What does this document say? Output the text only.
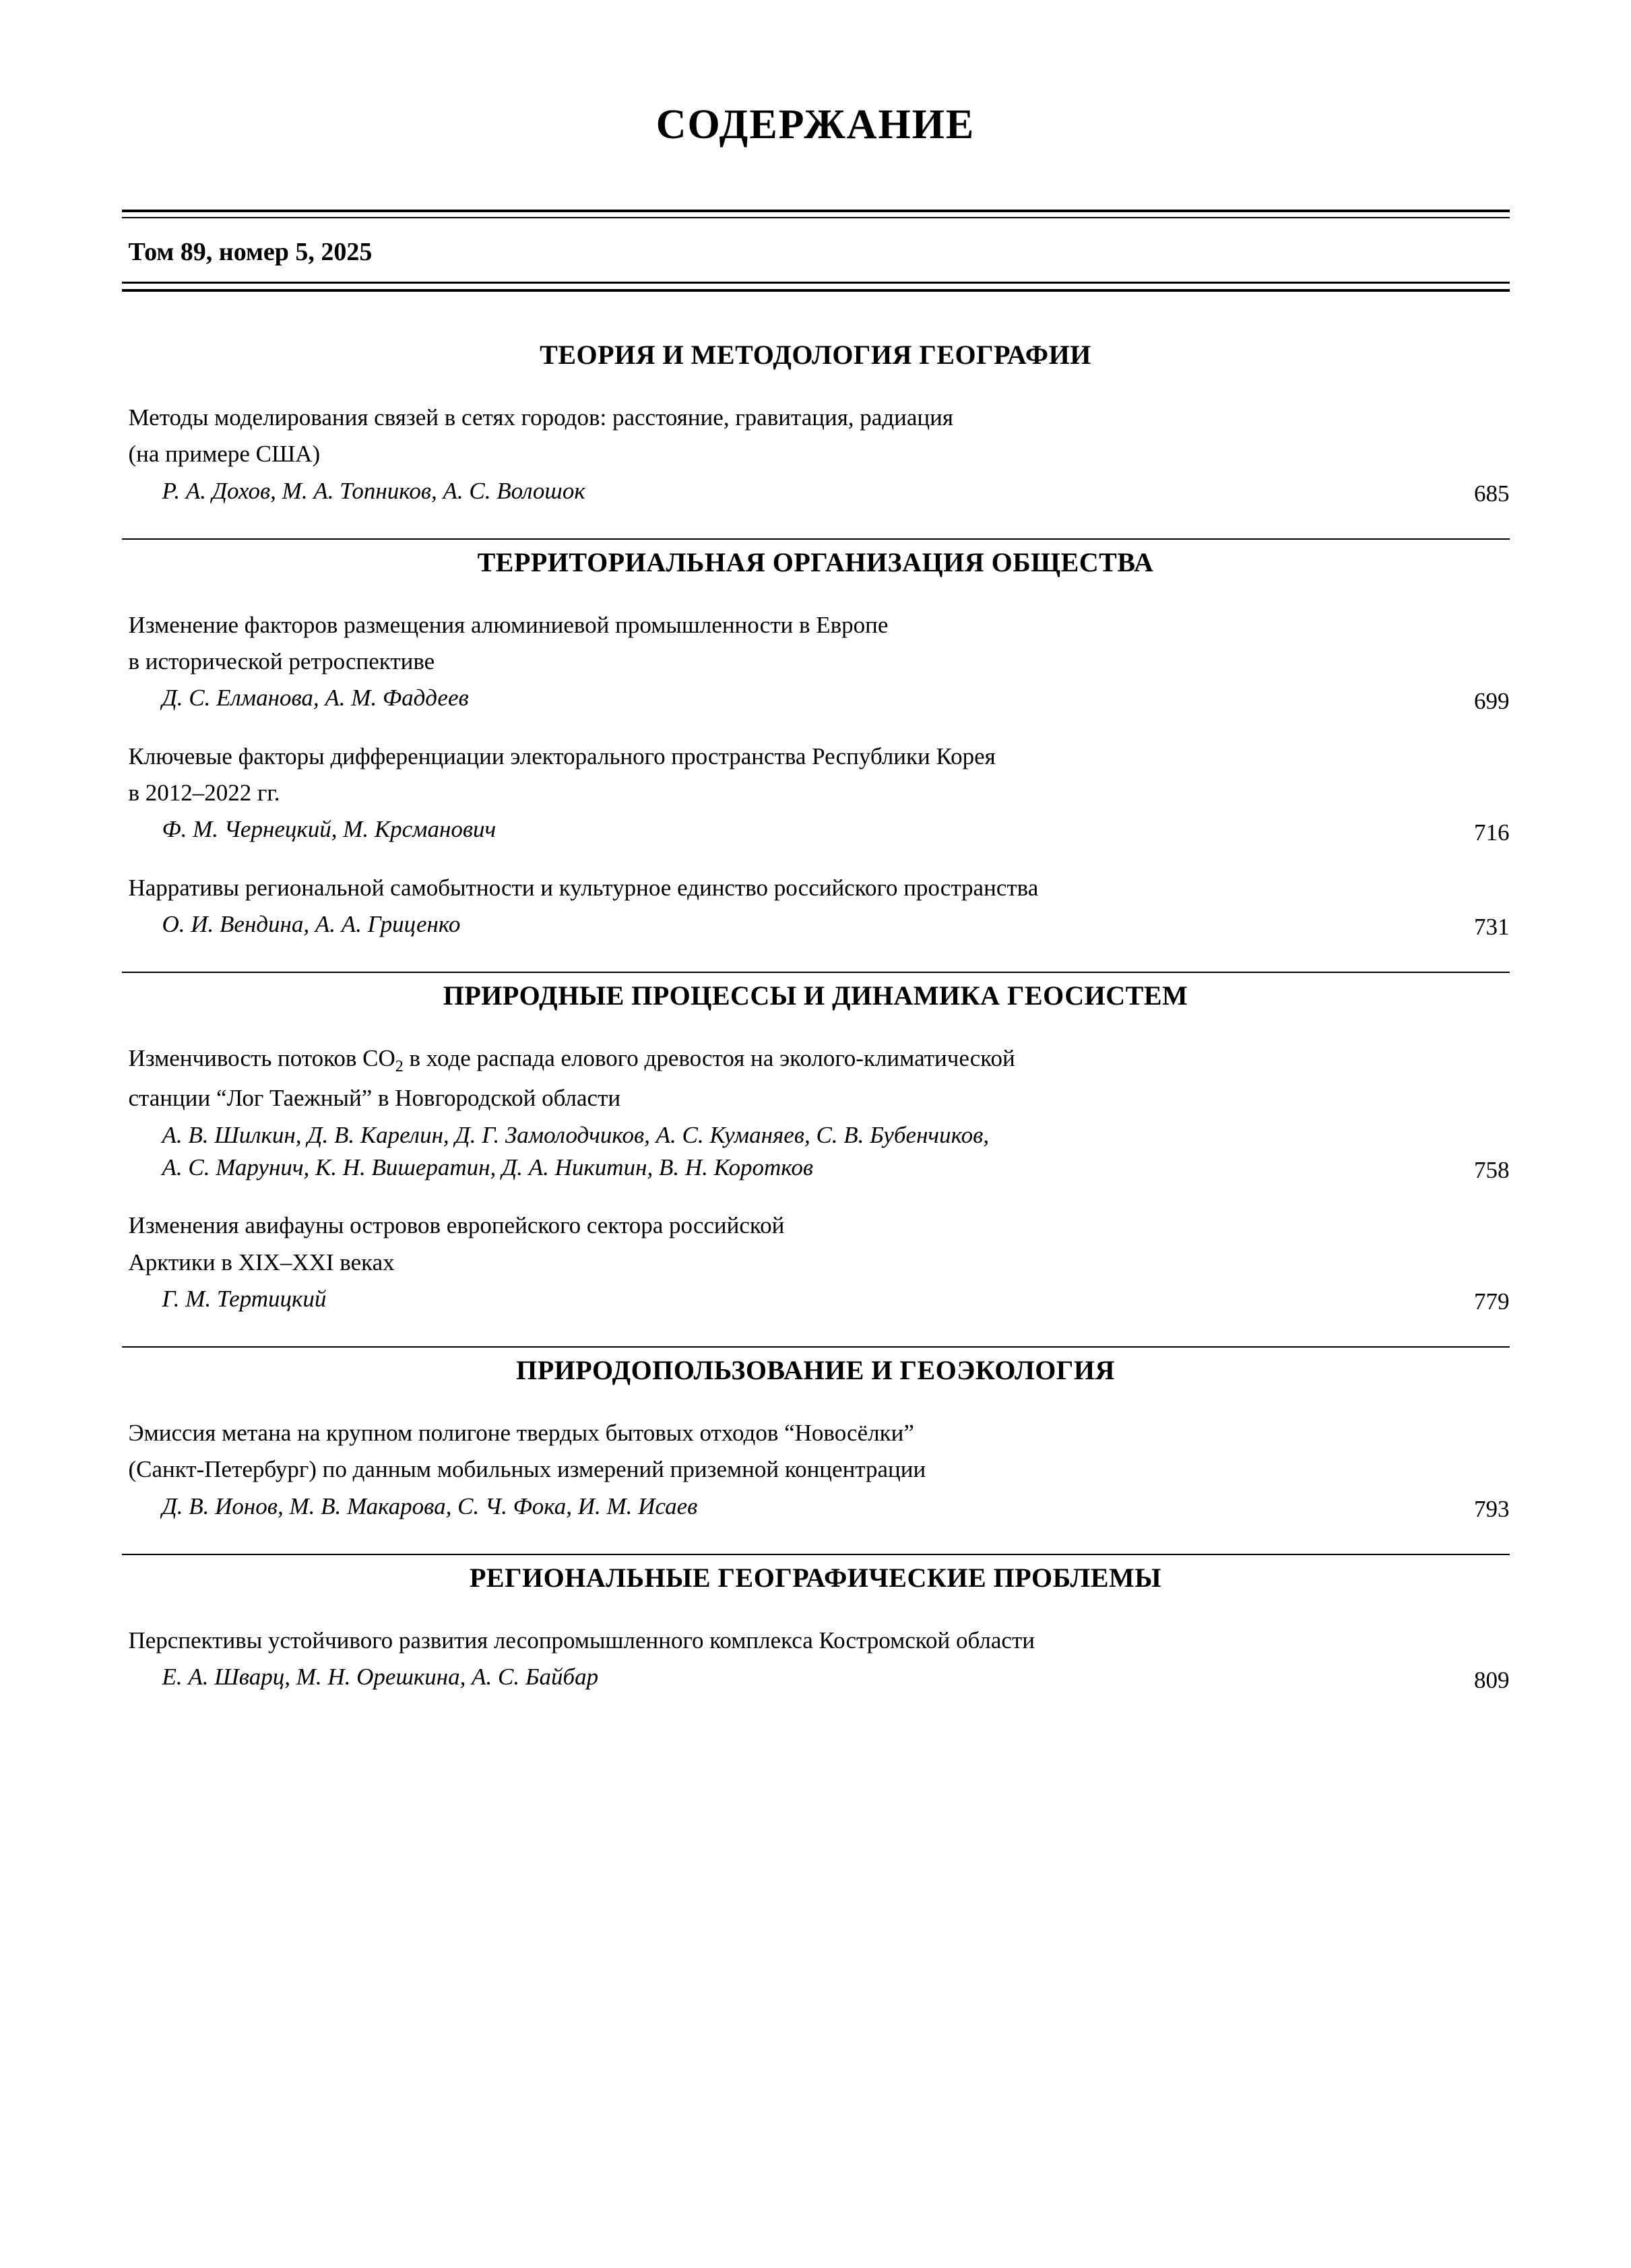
СОДЕРЖАНИЕ
Том 89, номер 5, 2025
ТЕОРИЯ И МЕТОДОЛОГИЯ ГЕОГРАФИИ
Методы моделирования связей в сетях городов: расстояние, гравитация, радиация
(на примере США)
Р. А. Дохов, М. А. Топников, А. С. Волошок	685
ТЕРРИТОРИАЛЬНАЯ ОРГАНИЗАЦИЯ ОБЩЕСТВА
Изменение факторов размещения алюминиевой промышленности в Европе
в исторической ретроспективе
Д. С. Елманова, А. М. Фаддеев	699
Ключевые факторы дифференциации электорального пространства Республики Корея
в 2012–2022 гг.
Ф. М. Чернецкий, М. Крсманович	716
Нарративы региональной самобытности и культурное единство российского пространства
О. И. Вендина, А. А. Гриценко	731
ПРИРОДНЫЕ ПРОЦЕССЫ И ДИНАМИКА ГЕОСИСТЕМ
Изменчивость потоков $CO_2$ в ходе распада елового древостоя на эколого-климатической
станции “Лог Таежный” в Новгородской области
А. В. Шилкин, Д. В. Карелин, Д. Г. Замолодчиков, А. С. Куманяев, С. В. Бубенчиков,
А. С. Марунич, К. Н. Вишератин, Д. А. Никитин, В. Н. Коротков	758
Изменения авифауны островов европейского сектора российской
Арктики в XIX–XXI веках
Г. М. Тертицкий	779
ПРИРОДОПОЛЬЗОВАНИЕ И ГЕОЭКОЛОГИЯ
Эмиссия метана на крупном полигоне твердых бытовых отходов “Новосёлки”
(Санкт-Петербург) по данным мобильных измерений приземной концентрации
Д. В. Ионов, М. В. Макарова, С. Ч. Фока, И. М. Исаев	793
РЕГИОНАЛЬНЫЕ ГЕОГРАФИЧЕСКИЕ ПРОБЛЕМЫ
Перспективы устойчивого развития лесопромышленного комплекса Костромской области
Е. А. Шварц, М. Н. Орешкина, А. С. Байбар	809
